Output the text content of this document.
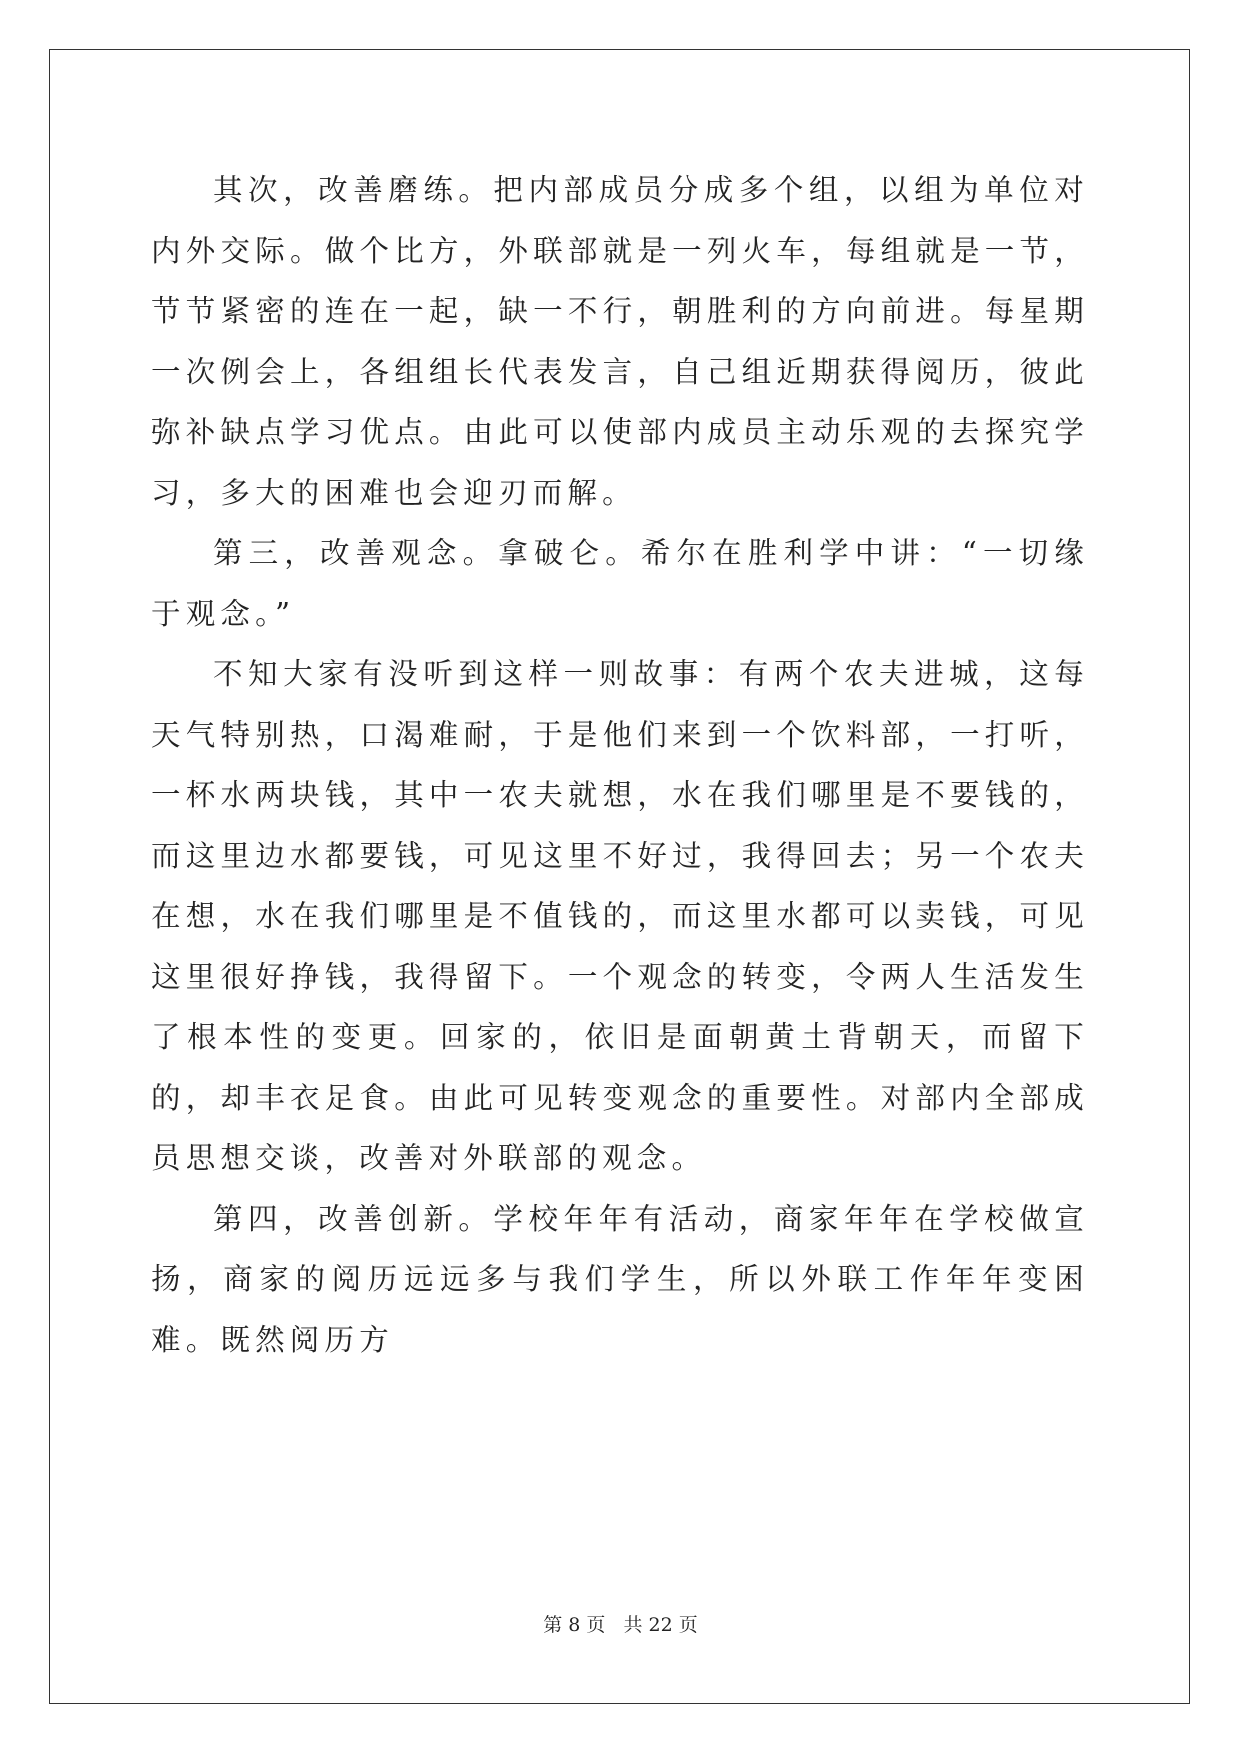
其次，改善磨练。把内部成员分成多个组，以组为单位对内外交际。做个比方，外联部就是一列火车，每组就是一节，节节紧密的连在一起，缺一不行，朝胜利的方向前进。每星期一次例会上，各组组长代表发言，自己组近期获得阅历，彼此弥补缺点学习优点。由此可以使部内成员主动乐观的去探究学习，多大的困难也会迎刃而解。

第三，改善观念。拿破仑。希尔在胜利学中讲：“一切缘于观念。”

不知大家有没听到这样一则故事：有两个农夫进城，这每天气特别热，口渴难耐，于是他们来到一个饮料部，一打听，一杯水两块钱，其中一农夫就想，水在我们哪里是不要钱的，而这里边水都要钱，可见这里不好过，我得回去；另一个农夫在想，水在我们哪里是不值钱的，而这里水都可以卖钱，可见这里很好挣钱，我得留下。一个观念的转变，令两人生活发生了根本性的变更。回家的，依旧是面朝黄土背朝天，而留下的，却丰衣足食。由此可见转变观念的重要性。对部内全部成员思想交谈，改善对外联部的观念。

第四，改善创新。学校年年有活动，商家年年在学校做宣扬，商家的阅历远远多与我们学生，所以外联工作年年变困难。既然阅历方

第 8 页 共 22 页
